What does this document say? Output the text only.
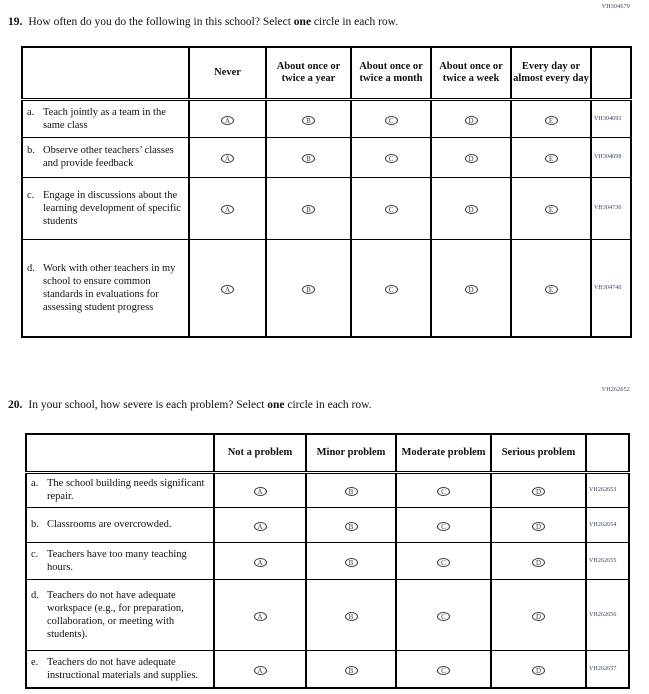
VH304679
19. How often do you do the following in this school? Select one circle in each row.
	Never	About once or twice a year	About once or twice a month	About once or twice a week	Every day or almost every day	

a. Teach jointly as a team in the same class	A	B	C	D	E	VH304693

b. Observe other teachers’ classes and provide feedback	A	B	C	D	E	VH304698

c. Engage in discussions about the learning development of specific students	A	B	C	D	E	VH304736

d. Work with other teachers in my school to ensure common standards in evaluations for assessing student progress	A	B	C	D	E	VH304740
VH262652
20. In your school, how severe is each problem? Select one circle in each row.
	Not a problem	Minor problem	Moderate problem	Serious problem	

a. The school building needs significant repair.	A	B	C	D	VH262653

b. Classrooms are overcrowded.	A	B	C	D	VH262654

c. Teachers have too many teaching hours.	A	B	C	D	VH262655

d. Teachers do not have adequate workspace (e.g., for preparation, collaboration, or meeting with students).	A	B	C	D	VH262656

e. Teachers do not have adequate instructional materials and supplies.	A	B	C	D	VH262657
